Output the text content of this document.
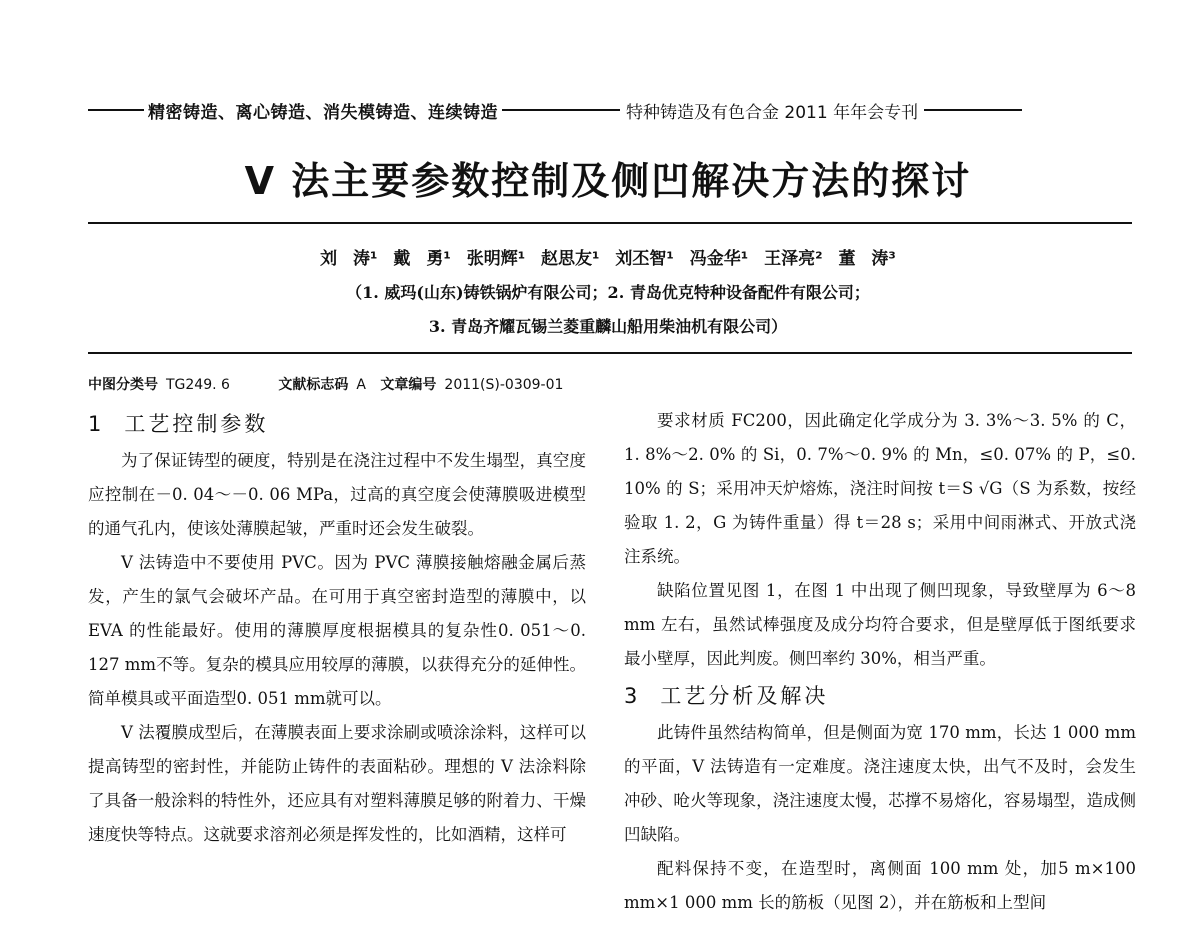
精密铸造、离心铸造、消失模铸造、连续铸造	特种铸造及有色合金 2011 年年会专刊
V 法主要参数控制及侧凹解决方法的探讨
刘 涛¹ 戴 勇¹ 张明辉¹ 赵思友¹ 刘丕智¹ 冯金华¹ 王泽亮² 董 涛³
（1. 威玛(山东)铸铁锅炉有限公司；2. 青岛优克特种设备配件有限公司；
3. 青岛齐耀瓦锡兰菱重麟山船用柴油机有限公司）
中图分类号 TG249. 6	文献标志码 A 文章编号 2011(S)-0309-01
1 工艺控制参数

为了保证铸型的硬度，特别是在浇注过程中不发生塌型，真空度应控制在－0. 04～－0. 06 MPa，过高的真空度会使薄膜吸进模型的通气孔内，使该处薄膜起皱，严重时还会发生破裂。

V 法铸造中不要使用 PVC。因为 PVC 薄膜接触熔融金属后蒸发，产生的氯气会破坏产品。在可用于真空密封造型的薄膜中，以 EVA 的性能最好。使用的薄膜厚度根据模具的复杂性0. 051～0. 127 mm不等。复杂的模具应用较厚的薄膜，以获得充分的延伸性。简单模具或平面造型0. 051 mm就可以。

V 法覆膜成型后，在薄膜表面上要求涂刷或喷涂涂料，这样可以提高铸型的密封性，并能防止铸件的表面粘砂。理想的 V 法涂料除了具备一般涂料的特性外，还应具有对塑料薄膜足够的附着力、干燥速度快等特点。这就要求溶剂必须是挥发性的，比如酒精，这样可

要求材质 FC200，因此确定化学成分为 3. 3%～3. 5% 的 C，1. 8%～2. 0% 的 Si，0. 7%～0. 9% 的 Mn，≤0. 07% 的 P，≤0. 10% 的 S；采用冲天炉熔炼，浇注时间按 t＝S √G（S 为系数，按经验取 1. 2，G 为铸件重量）得 t＝28 s；采用中间雨淋式、开放式浇注系统。

缺陷位置见图 1，在图 1 中出现了侧凹现象，导致壁厚为 6～8 mm 左右，虽然试棒强度及成分均符合要求，但是壁厚低于图纸要求最小壁厚，因此判废。侧凹率约 30%，相当严重。

3 工艺分析及解决

此铸件虽然结构简单，但是侧面为宽 170 mm，长达 1 000 mm 的平面，V 法铸造有一定难度。浇注速度太快，出气不及时，会发生冲砂、呛火等现象，浇注速度太慢，芯撑不易熔化，容易塌型，造成侧凹缺陷。

配料保持不变，在造型时，离侧面 100 mm 处，加5 m×100 mm×1 000 mm 长的筋板（见图 2），并在筋板和上型间
